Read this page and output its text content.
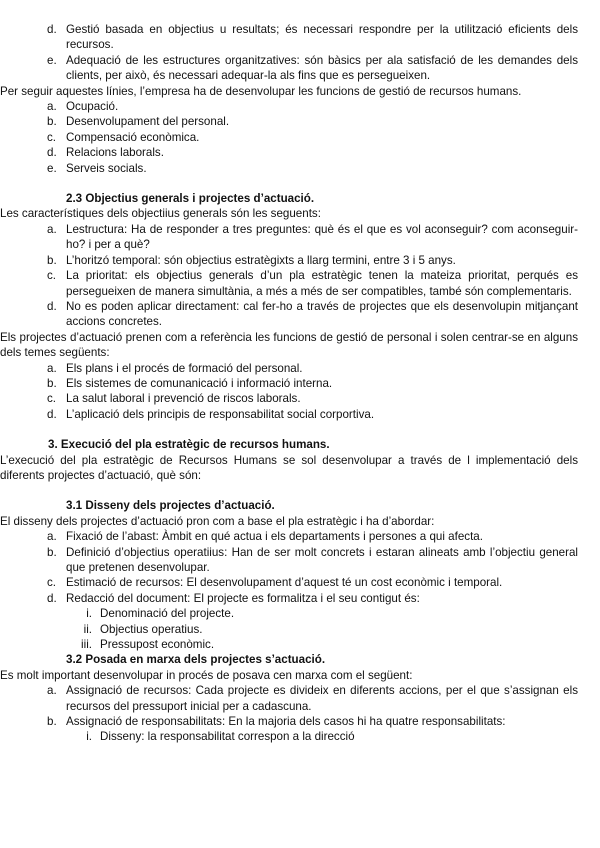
d. Gestió basada en objectius u resultats; és necessari respondre per la utilització eficients dels recursos.
e. Adequació de les estructures organitzatives: són bàsics per ala satisfació de les demandes dels clients, per això, és necessari adequar-la als fins que es persegueixen.

Per seguir aquestes línies, l’empresa ha de desenvolupar les funcions de gestió de recursos humans.

a. Ocupació.
b. Desenvolupament del personal.
c. Compensació econòmica.
d. Relacions laborals.
e. Serveis socials.

2.3 Objectius generals i projectes d’actuació.

Les característiques dels objectiius generals són les seguents:

a. Lestructura: Ha de responder a tres preguntes: què és el que es vol aconseguir? com aconseguir-ho? i per a què?
b. L’horitzó temporal: són objectius estratègixts a llarg termini, entre 3 i 5 anys.
c. La prioritat: els objectius generals d’un pla estratègic tenen la mateiza prioritat, perqués es persegueixen de manera simultània, a més a més de ser compatibles, també són complementaris.
d. No es poden aplicar directament: cal fer-ho a través de projectes que els desenvolupin mitjançant accions concretes.

Els projectes d’actuació prenen com a referència les funcions de gestió de personal i solen centrar-se en alguns dels temes següents:

a. Els plans i el procés de formació del personal.
b. Els sistemes de comunanicació i informació interna.
c. La salut laboral i prevenció de riscos laborals.
d. L’aplicació dels principis de responsabilitat social corportiva.

3. Execució del pla estratègic de recursos humans.

L’execució del pla estratègic de Recursos Humans se sol desenvolupar a través de l implementació dels diferents projectes d’actuació, què són:

3.1 Disseny dels projectes d’actuació.

El disseny dels projectes d’actuació pron com a base el pla estratègic i ha d’abordar:

a. Fixació de l’abast: Àmbit en qué actua i els departaments i persones a qui afecta.
b. Definició d’objectius operatiius: Han de ser molt concrets i estaran alineats amb l’objectiu general que pretenen desenvolupar.
c. Estimació de recursos: El desenvolupament d’aquest té un cost econòmic i temporal.
d. Redacció del document: El projecte es formalitza i el seu contigut és:
i. Denominació del projecte.
ii. Objectius operatius.
iii. Pressupost econòmic.

3.2 Posada en marxa dels projectes s’actuació.

Es molt important desenvolupar in procés de posava cen marxa com el següent:

a. Assignació de recursos: Cada projecte es divideix en diferents accions, per el que s’assignan els recursos del pressuport inicial per a cadascuna.
b. Assignació de responsabilitats: En la majoria dels casos hi ha quatre responsabilitats:
i. Disseny: la responsabilitat correspon a la direcció
